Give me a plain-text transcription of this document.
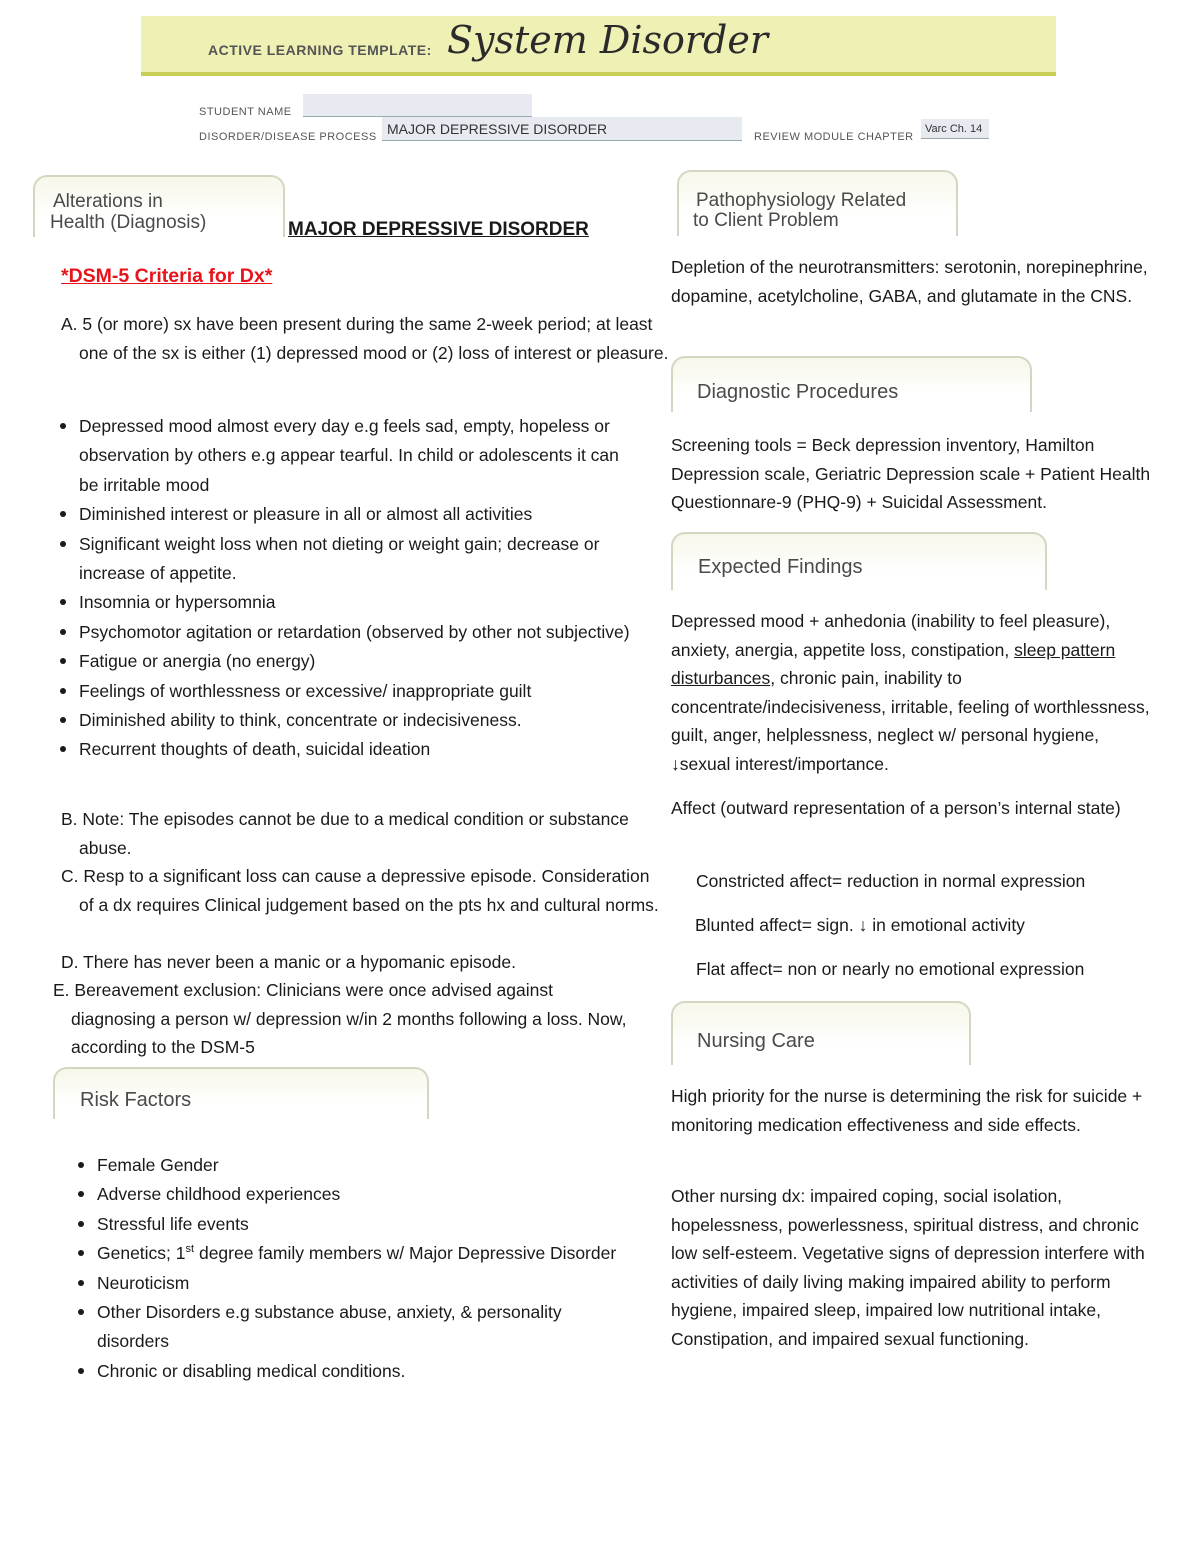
ACTIVE LEARNING TEMPLATE: System Disorder
STUDENT NAME
DISORDER/DISEASE PROCESS MAJOR DEPRESSIVE DISORDER	REVIEW MODULE CHAPTER
Varc Ch. 14
Alterations in
Health (Diagnosis)	MAJOR DEPRESSIVE DISORDER
*DSM-5 Criteria for Dx*

A. 5 (or more) sx have been present during the same 2-week period; at least one of the sx is either (1) depressed mood or (2) loss of interest or pleasure.

Depressed mood almost every day e.g feels sad, empty, hopeless or observation by others e.g appear tearful. In child or adolescents it can be irritable mood
Diminished interest or pleasure in all or almost all activities
Significant weight loss when not dieting or weight gain; decrease or increase of appetite.
Insomnia or hypersomnia
Psychomotor agitation or retardation (observed by other not subjective)
Fatigue or anergia (no energy)
Feelings of worthlessness or excessive/ inappropriate guilt
Diminished ability to think, concentrate or indecisiveness.
Recurrent thoughts of death, suicidal ideation

B. Note: The episodes cannot be due to a medical condition or substance abuse.

C. Resp to a significant loss can cause a depressive episode. Consideration of a dx requires Clinical judgement based on the pts hx and cultural norms.

D. There has never been a manic or a hypomanic episode.

E. Bereavement exclusion: Clinicians were once advised against diagnosing a person w/ depression w/in 2 months following a loss. Now, according to the DSM-5

Risk Factors
Female Gender
Adverse childhood experiences
Stressful life events
Genetics; 1st degree family members w/ Major Depressive Disorder
Neuroticism
Other Disorders e.g substance abuse, anxiety, & personality disorders
Chronic or disabling medical conditions.
Pathophysiology Related
to Client Problem

Depletion of the neurotransmitters: serotonin, norepinephrine, dopamine, acetylcholine, GABA, and glutamate in the CNS.

Diagnostic Procedures

Screening tools = Beck depression inventory, Hamilton Depression scale, Geriatric Depression scale + Patient Health Questionnare-9 (PHQ-9) + Suicidal Assessment.

Expected Findings

Depressed mood + anhedonia (inability to feel pleasure), anxiety, anergia, appetite loss, constipation, sleep pattern disturbances, chronic pain, inability to concentrate/indecisiveness, irritable, feeling of worthlessness, guilt, anger, helplessness, neglect w/ personal hygiene, ↓sexual interest/importance.

Affect (outward representation of a person’s internal state)

Constricted affect= reduction in normal expression

Blunted affect= sign. ↓ in emotional activity

Flat affect= non or nearly no emotional expression

Nursing Care

High priority for the nurse is determining the risk for suicide + monitoring medication effectiveness and side effects.

Other nursing dx: impaired coping, social isolation, hopelessness, powerlessness, spiritual distress, and chronic low self-esteem. Vegetative signs of depression interfere with activities of daily living making impaired ability to perform hygiene, impaired sleep, impaired low nutritional intake, Constipation, and impaired sexual functioning.
